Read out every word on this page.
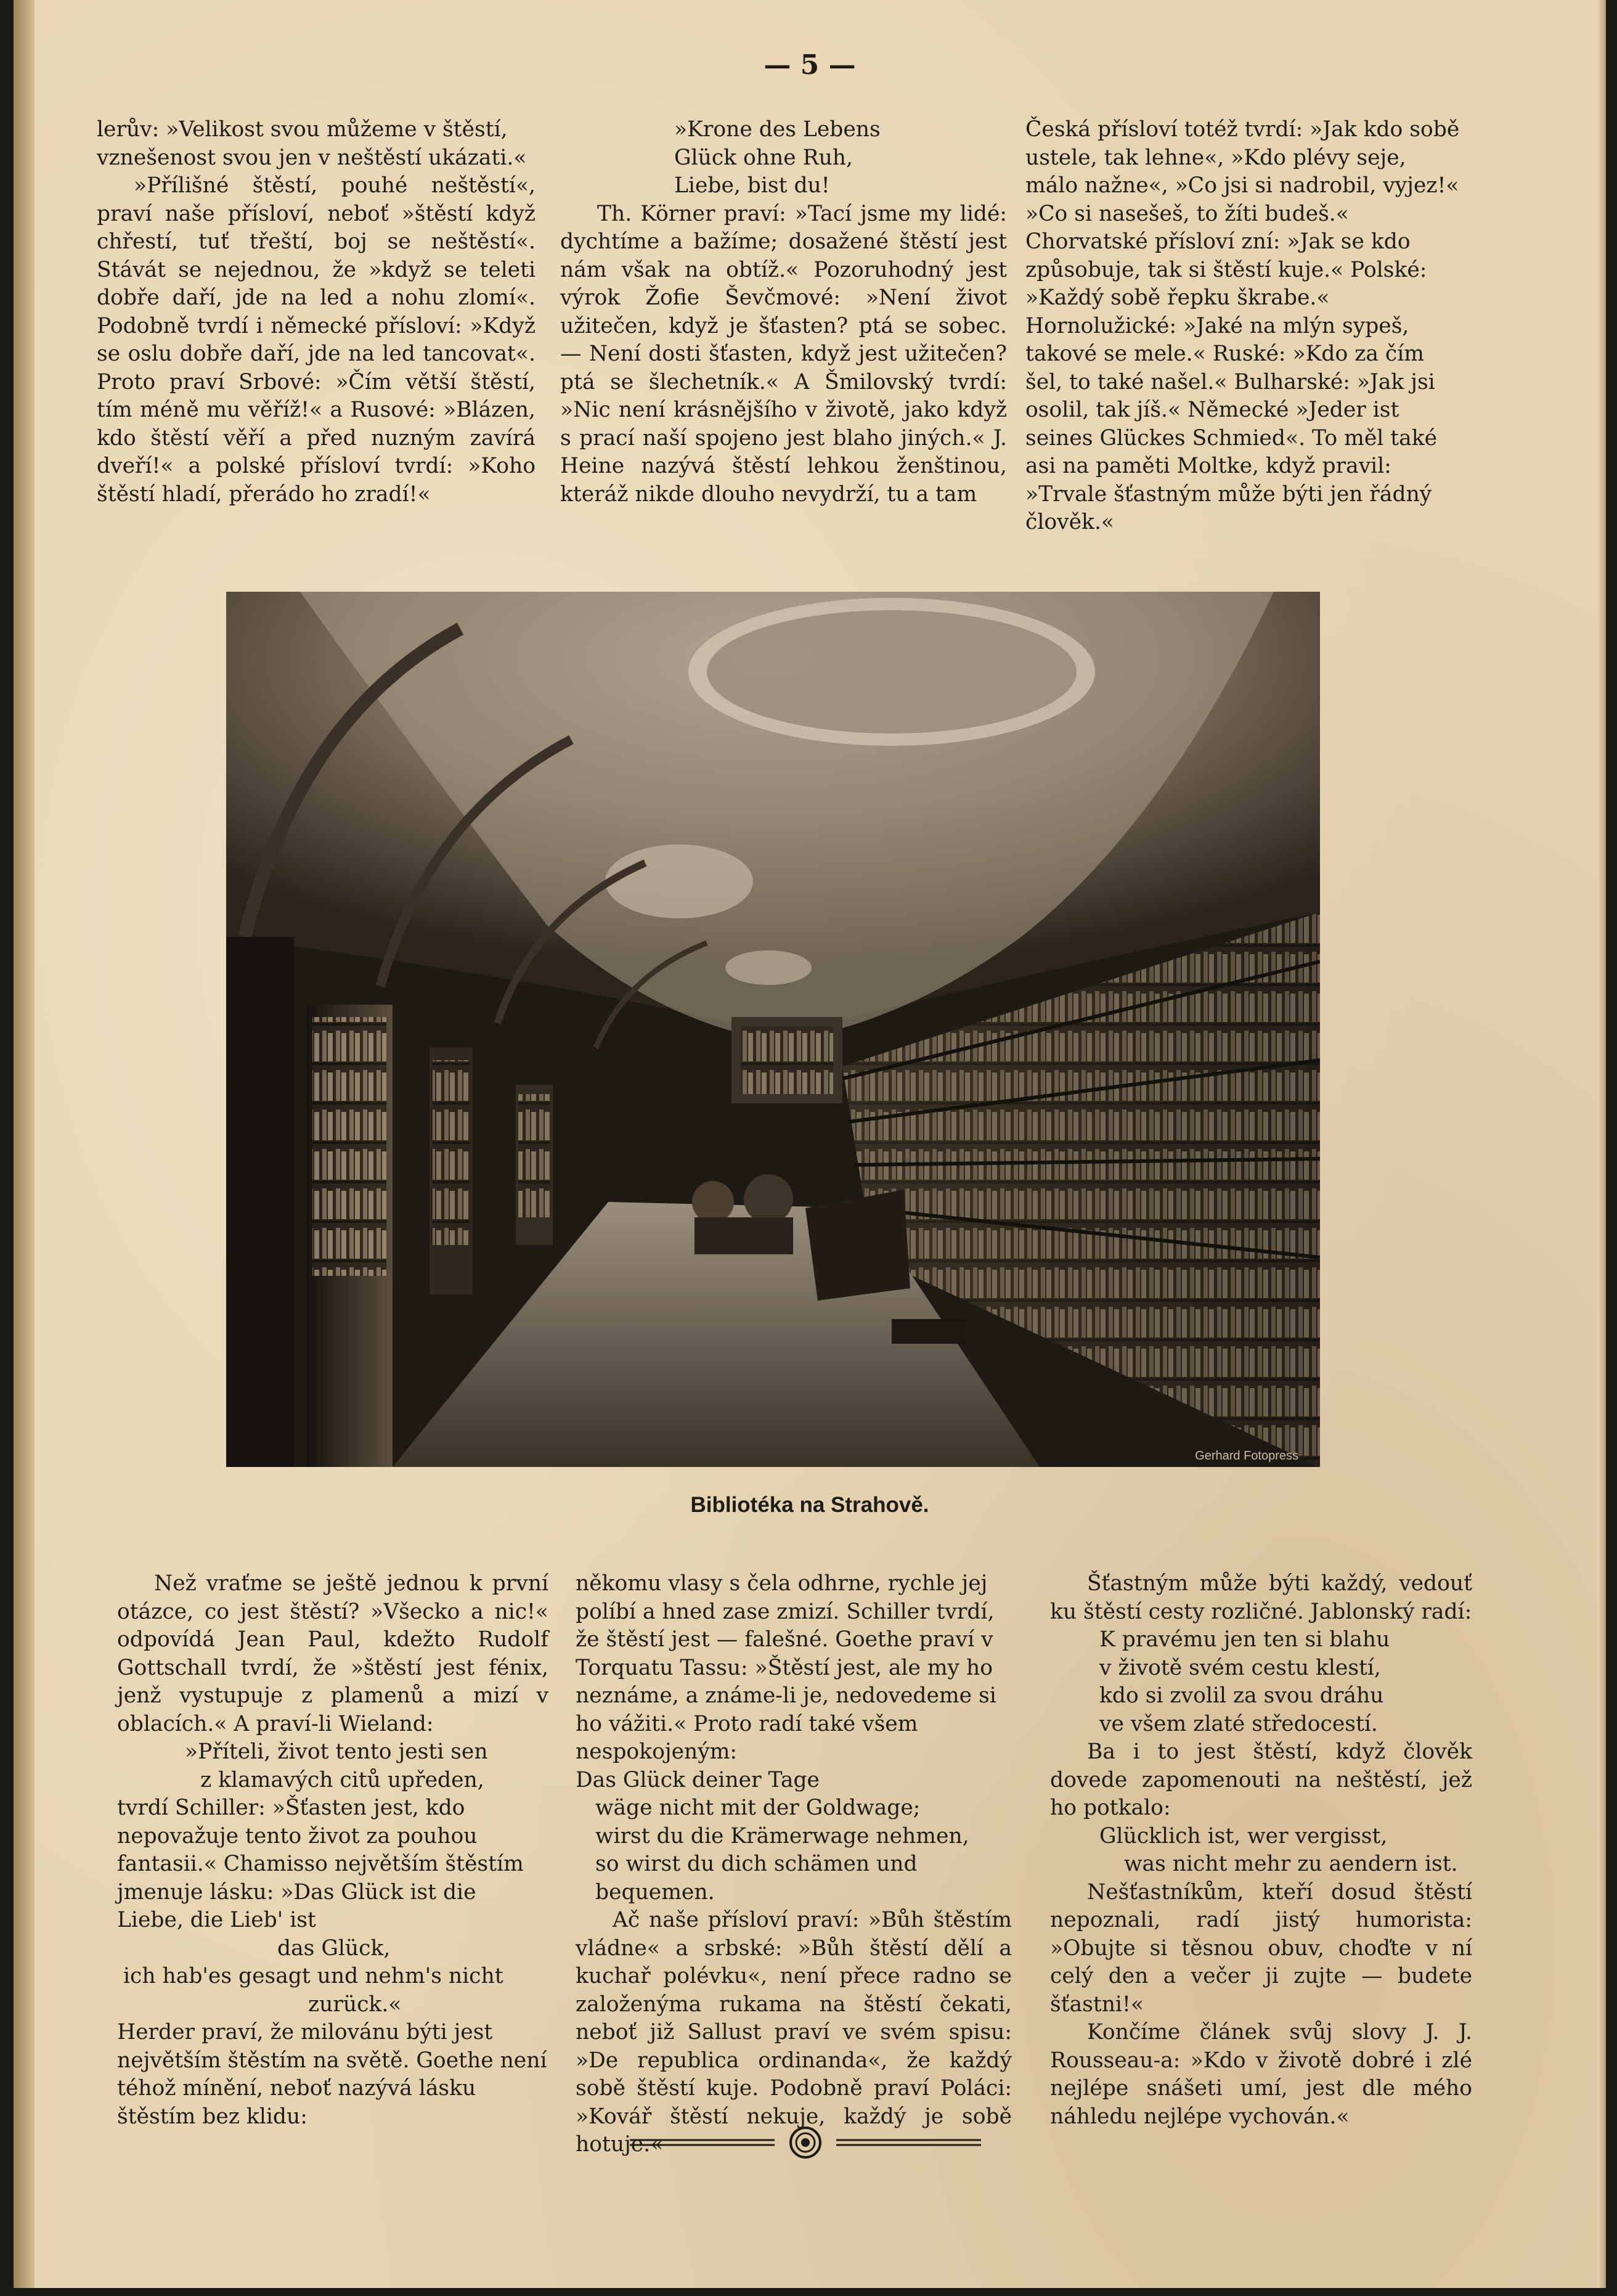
— 5 —

lerův: »Velikost svou můžeme v štěstí, vznešenost svou jen v neštěstí ukázati.«

»Přílišné štěstí, pouhé neštěstí«, praví naše přísloví, neboť »štěstí když chřestí, tuť třeští, boj se neštěstí«. Stávát se nejednou, že »když se teleti dobře daří, jde na led a nohu zlomí«. Podobně tvrdí i německé přísloví: »Když se oslu dobře daří, jde na led tancovat«. Proto praví Srbové: »Čím větší štěstí, tím méně mu věříž!« a Rusové: »Blázen, kdo štěstí věří a před nuzným zavírá dveří!« a polské přísloví tvrdí: »Koho štěstí hladí, přerádo ho zradí!«

»Krone des Lebens

Glück ohne Ruh,

Liebe, bist du!

Th. Körner praví: »Tací jsme my lidé: dychtíme a bažíme; dosažené štěstí jest nám však na obtíž.« Pozoruhodný jest výrok Žofie Ševčmové: »Není život užitečen, když je šťasten? ptá se sobec. — Není dosti šťasten, když jest užitečen? ptá se šlechetník.« A Šmilovský tvrdí: »Nic není krásnějšího v životě, jako když s prací naší spojeno jest blaho jiných.« J. Heine nazývá štěstí lehkou ženštinou, kteráž nikde dlouho nevydrží, tu a tam

Česká přísloví totéž tvrdí: »Jak kdo sobě ustele, tak lehne«, »Kdo plévy seje, málo nažne«, »Co jsi si nadrobil, vyjez!« »Co si nasešeš, to žíti budeš.« Chorvatské přísloví zní: »Jak se kdo způsobuje, tak si štěstí kuje.« Polské: »Každý sobě řepku škrabe.« Hornolužické: »Jaké na mlýn sypeš, takové se mele.« Ruské: »Kdo za čím šel, to také našel.« Bulharské: »Jak jsi osolil, tak jíš.« Německé »Jeder ist seines Glückes Schmied«. To měl také asi na paměti Moltke, když pravil: »Trvale šťastným může býti jen řádný člověk.«

Gerhard Fotopress
Bibliotéka na Strahově.

Než vraťme se ještě jednou k první otázce, co jest štěstí? »Všecko a nic!« odpovídá Jean Paul, kdežto Rudolf Gottschall tvrdí, že »štěstí jest fénix, jenž vystupuje z plamenů a mizí v oblacích.« A praví-li Wieland:

»Příteli, život tento jesti sen

z klamavých citů upředen,

tvrdí Schiller: »Šťasten jest, kdo nepovažuje tento život za pouhou fantasii.« Chamisso největším štěstím jmenuje lásku: »Das Glück ist die Liebe, die Lieb' ist

das Glück,

ich hab'es gesagt und nehm's nicht

zurück.«

Herder praví, že milovánu býti jest největším štěstím na světě. Goethe není téhož mínění, neboť nazývá lásku štěstím bez klidu:

někomu vlasy s čela odhrne, rychle jej políbí a hned zase zmizí. Schiller tvrdí, že štěstí jest — falešné. Goethe praví v Torquatu Tassu: »Štěstí jest, ale my ho neznáme, a známe-li je, nedovedeme si ho vážiti.« Proto radí také všem nespokojeným:

Das Glück deiner Tage

wäge nicht mit der Goldwage;

wirst du die Krämerwage nehmen,

so wirst du dich schämen und bequemen.

Ač naše přísloví praví: »Bůh štěstím vládne« a srbské: »Bůh štěstí dělí a kuchař polévku«, není přece radno se založenýma rukama na štěstí čekati, neboť již Sallust praví ve svém spisu: »De republica ordinanda«, že každý sobě štěstí kuje. Podobně praví Poláci: »Kovář štěstí nekuje, každý je sobě hotuje.«

Šťastným může býti každý, vedouť ku štěstí cesty rozličné. Jablonský radí:

K pravému jen ten si blahu

v životě svém cestu klestí,

kdo si zvolil za svou dráhu

ve všem zlaté středocestí.

Ba i to jest štěstí, když člověk dovede zapomenouti na neštěstí, jež ho potkalo:

Glücklich ist, wer vergisst,

was nicht mehr zu aendern ist.

Nešťastníkům, kteří dosud štěstí nepoznali, radí jistý humorista: »Obujte si těsnou obuv, choďte v ní celý den a večer ji zujte — budete šťastni!«

Končíme článek svůj slovy J. J. Rousseau-a: »Kdo v životě dobré i zlé nejlépe snášeti umí, jest dle mého náhledu nejlépe vychován.«
